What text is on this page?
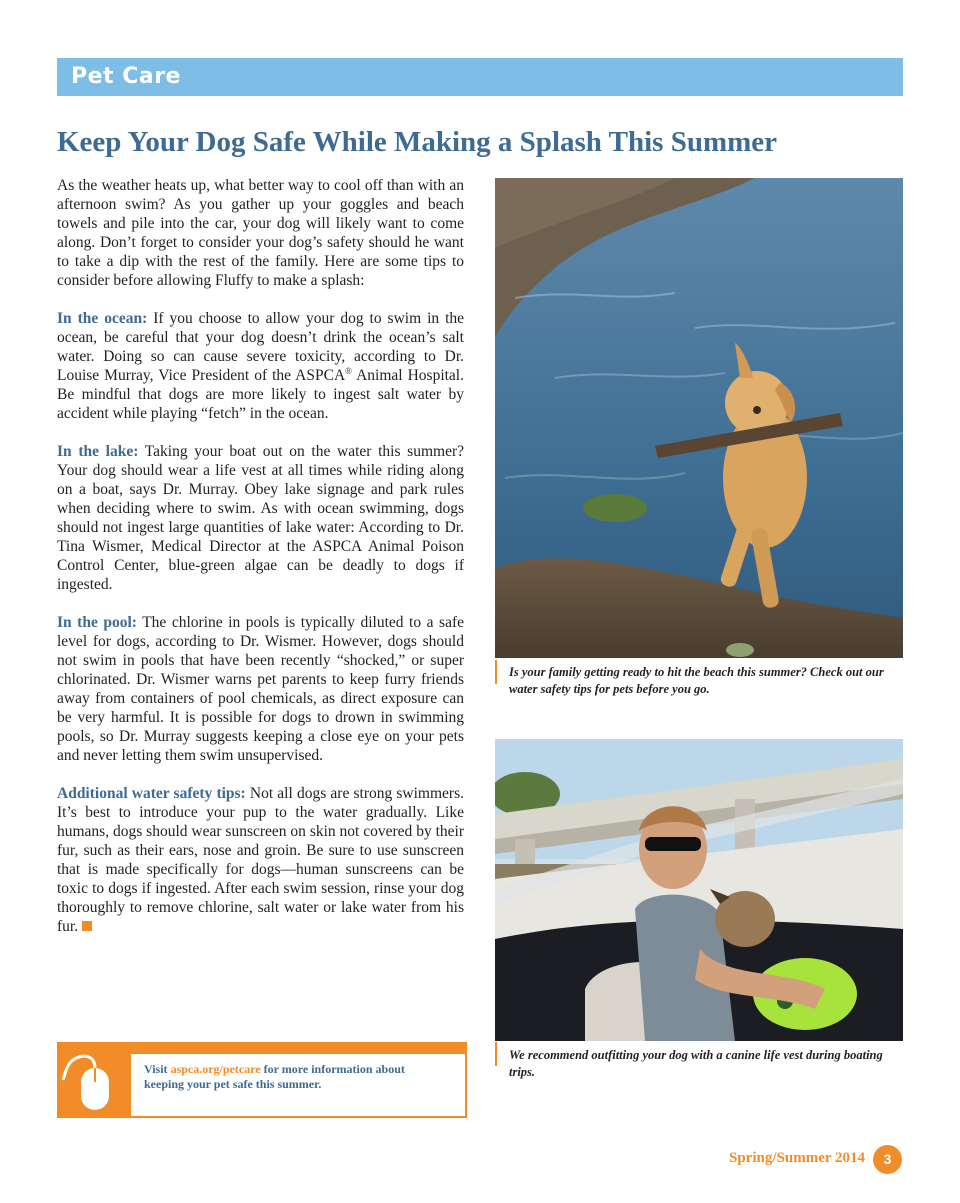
Pet Care
Keep Your Dog Safe While Making a Splash This Summer

As the weather heats up, what better way to cool off than with an afternoon swim? As you gather up your goggles and beach towels and pile into the car, your dog will likely want to come along. Don’t forget to consider your dog’s safety should he want to take a dip with the rest of the family. Here are some tips to consider before allowing Fluffy to make a splash:

In the ocean: If you choose to allow your dog to swim in the ocean, be careful that your dog doesn’t drink the ocean’s salt water. Doing so can cause severe toxicity, according to Dr. Louise Murray, Vice President of the ASPCA® Animal Hospital. Be mindful that dogs are more likely to ingest salt water by accident while playing “fetch” in the ocean.

In the lake: Taking your boat out on the water this summer? Your dog should wear a life vest at all times while riding along on a boat, says Dr. Murray. Obey lake signage and park rules when deciding where to swim. As with ocean swimming, dogs should not ingest large quantities of lake water: According to Dr. Tina Wismer, Medical Director at the ASPCA Animal Poison Control Center, blue-green algae can be deadly to dogs if ingested.

In the pool: The chlorine in pools is typically diluted to a safe level for dogs, according to Dr. Wismer. However, dogs should not swim in pools that have been recently “shocked,” or super chlorinated. Dr. Wismer warns pet parents to keep furry friends away from containers of pool chemicals, as direct exposure can be very harmful. It is possible for dogs to drown in swimming pools, so Dr. Murray suggests keeping a close eye on your pets and never letting them swim unsupervised.

Additional water safety tips: Not all dogs are strong swimmers. It’s best to introduce your pup to the water gradually. Like humans, dogs should wear sunscreen on skin not covered by their fur, such as their ears, nose and groin. Be sure to use sunscreen that is made specifically for dogs—human sunscreens can be toxic to dogs if ingested. After each swim session, rinse your dog thoroughly to remove chlorine, salt water or lake water from his fur.

Is your family getting ready to hit the beach this summer? Check out our water safety tips for pets before you go.
We recommend outfitting your dog with a canine life vest during boating trips.
Visit aspca.org/petcare for more information about keeping your pet safe this summer.
Spring/Summer 2014	3
